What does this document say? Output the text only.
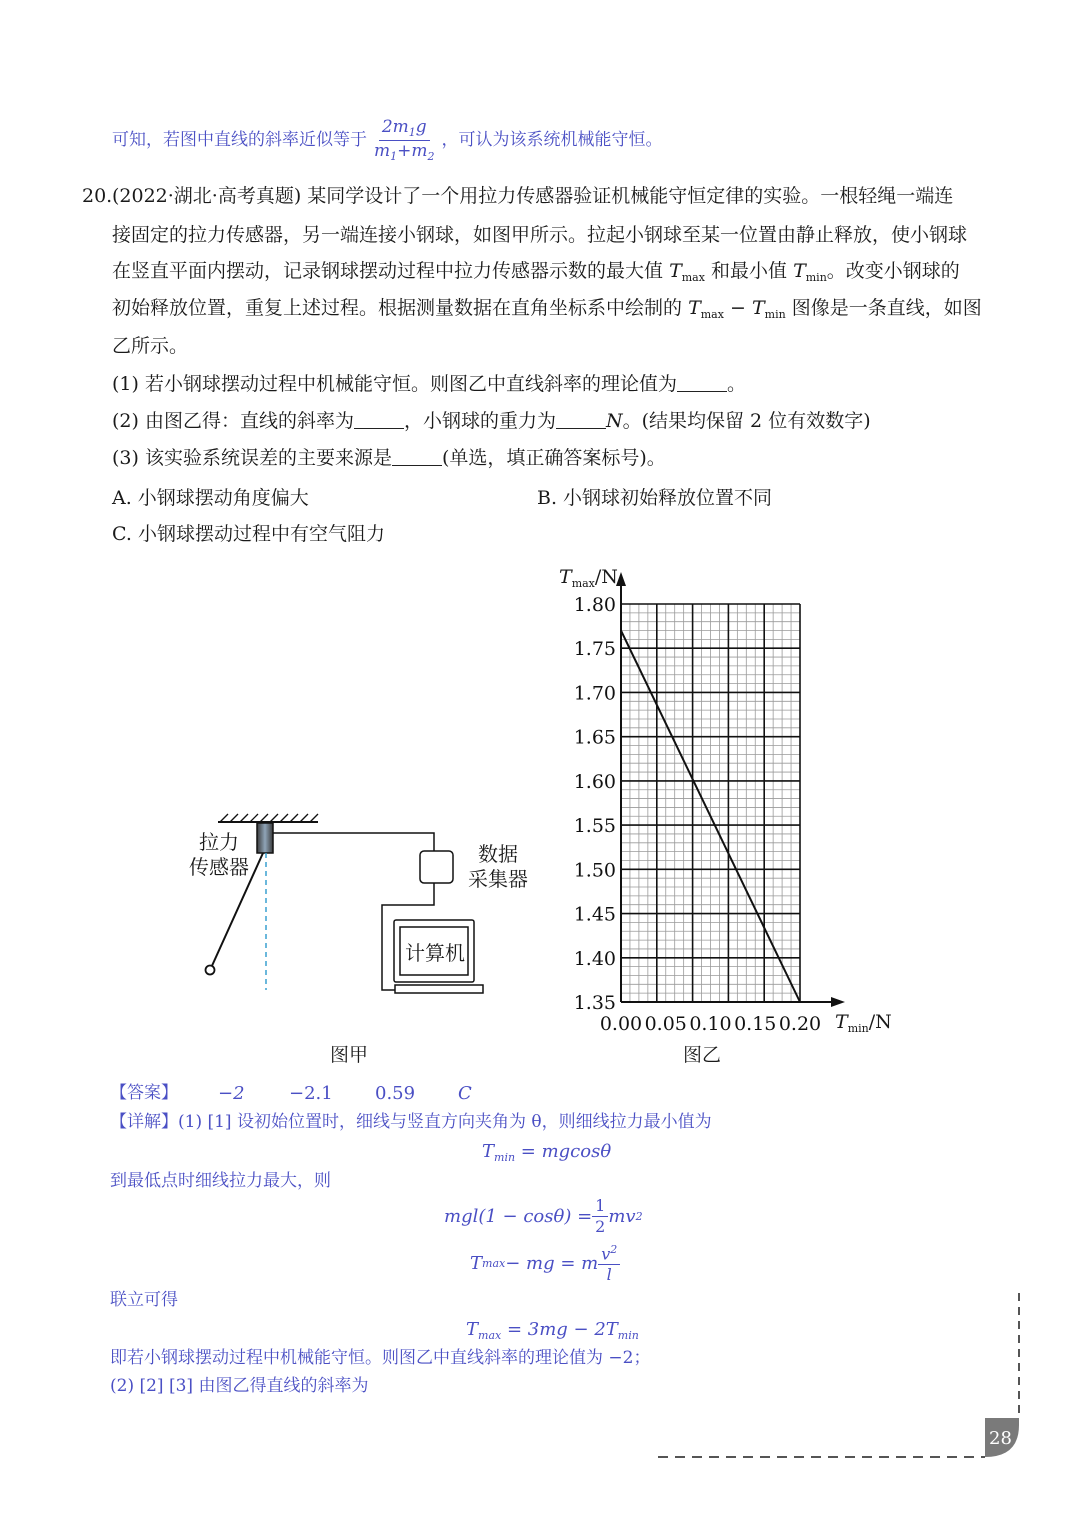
可知，若图中直线的斜率近似等于 $\frac{2m_1g}{m_1+m_2}$ ，可认为该系统机械能守恒。
20. (2022·湖北·高考真题) 某同学设计了一个用拉力传感器验证机械能守恒定律的实验。一根轻绳一端连
接固定的拉力传感器，另一端连接小钢球，如图甲所示。拉起小钢球至某一位置由静止释放，使小钢球
在竖直平面内摆动，记录钢球摆动过程中拉力传感器示数的最大值 $T_{max}$ 和最小值 $T_{min}$。改变小钢球的
初始释放位置，重复上述过程。根据测量数据在直角坐标系中绘制的 $T_{max} - T_{min}$ 图像是一条直线，如图
乙所示。
(1) 若小钢球摆动过程中机械能守恒。则图乙中直线斜率的理论值为	。
(2) 由图乙得：直线的斜率为	，小钢球的重力为	N。(结果均保留 2 位有效数字)
(3) 该实验系统误差的主要来源是	(单选，填正确答案标号)。
A. 小钢球摆动角度偏大	B. 小钢球初始释放位置不同
C. 小钢球摆动过程中有空气阻力
拉力
传感器
数据
采集器
计算机
图甲
1.35
1.40
1.45
1.50
1.55
1.60
1.65
1.70
1.75
1.80
0.00 0.05 0.10 0.15 0.20
$T_{max}/N$
$T_{min}/N$
图乙
【答案】 −2 −2.1 0.59 C
【详解】(1) [1] 设初始位置时，细线与竖直方向夹角为 θ，则细线拉力最小值为
$T_{min} = mgcos\theta$
到最低点时细线拉力最大，则
$mgl(1 - \cos\theta) = \frac{1}{2}$ mv 2
T max − mg = m $\frac{v^2}{l}$
联立可得
$T_{max} = 3mg - 2T_{min}$
即若小钢球摆动过程中机械能守恒。则图乙中直线斜率的理论值为 −2；
(2) [2] [3] 由图乙得直线的斜率为
28
